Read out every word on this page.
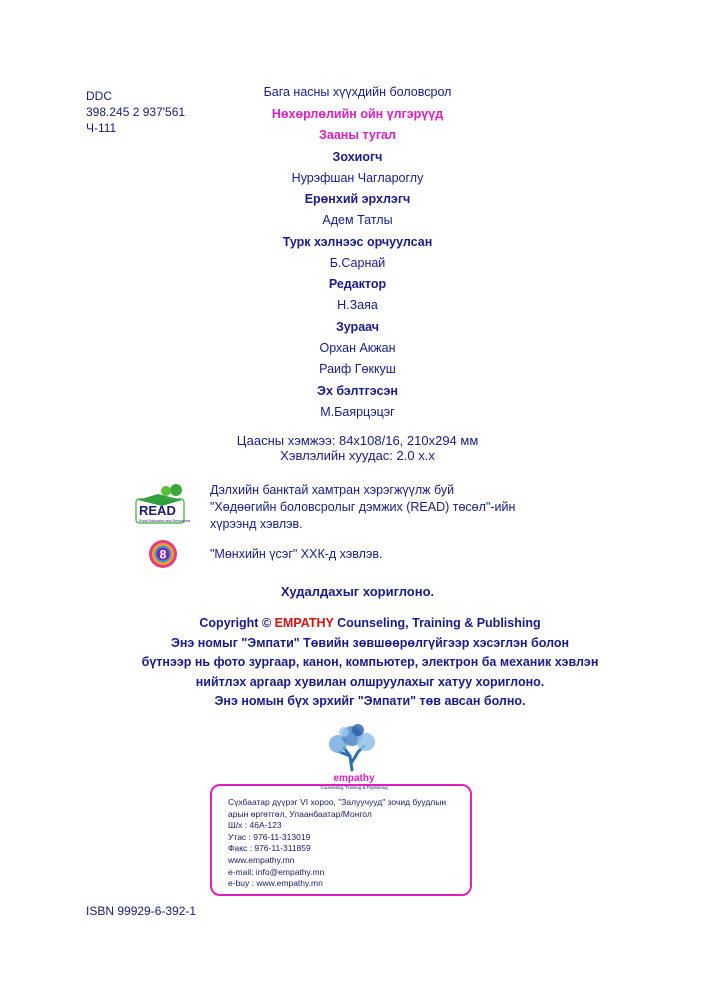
DDC
398.245 2 937'561
Ч-111
Бага насны хүүхдийн боловсрол
Нөхөрлөлийн ойн үлгэрүүд
Зааны тугал
Зохиогч
Нурэфшан Чагларoглу
Ерөнхий эрхлэгч
Адем Татлы
Турк хэлнээс орчуулсан
Б.Сарнай
Редактор
Н.Заяа
Зураач
Орхан Акжан
Раиф Гөккуш
Эх бэлтгэсэн
М.Баярцэцэг
Цаасны хэмжээ: 84x108/16, 210x294 мм
Хэвлэлийн хуудас: 2.0 х.х
READ
Rural Education and Development
Дэлхийн банктай хамтран хэрэгжүүлж буй
"Хөдөөгийн боловсролыг дэмжих (READ) төсөл"-ийн
хүрээнд хэвлэв.
8	"Мөнхийн үсэг" ХХК-д хэвлэв.
Худалдахыг хориглоно.
Copyright © EMPATHY Counseling, Training & Publishing
Энэ номыг "Эмпати" Төвийн зөвшөөрөлгүйгээр хэсэглэн болон
бүтнээр нь фото зургаар, канон, компьютер, электрон ба механик хэвлэн
нийтлэх аргаар хувилан олшруулахыг хатуу хориглоно.
Энэ номын бүх эрхийг "Эмпати" төв авсан болно.
empathy
Counseling, Training & Publishing
Сүхбаатар дүүрэг VI хороо, "Залуучууд" зочид буудлын
арын өргөтгөл, Улаанбаатар/Монгол
Ш/х : 46А-123
Утас : 976-11-313019
Факс : 976-11-311859
www.empathy.mn
e-mail: info@empathy.mn
e-buy : www.empathy.mn
ISBN 99929-6-392-1
